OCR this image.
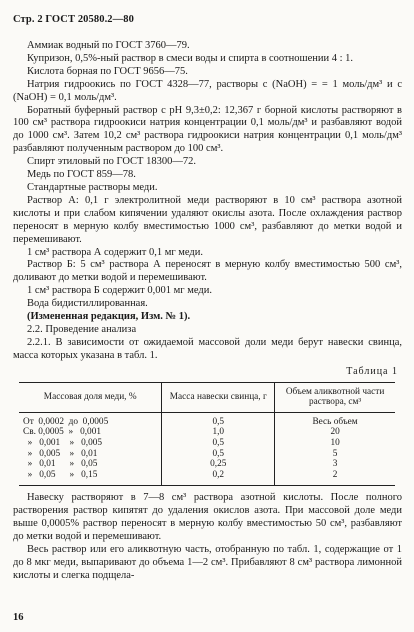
Стр. 2 ГОСТ 20580.2—80

Аммиак водный по ГОСТ 3760—79.

Купризон, 0,5%-ный раствор в смеси воды и спирта в соотношении 4 : 1.

Кислота борная по ГОСТ 9656—75.

Натрия гидроокись по ГОСТ 4328—77, растворы с (NaOH) = = 1 моль/дм³ и с (NaOH) = 0,1 моль/дм³.

Боратный буферный раствор с pH 9,3±0,2: 12,367 г борной кислоты растворяют в 100 см³ раствора гидроокиси натрия концентрации 0,1 моль/дм³ и разбавляют водой до 1000 см³. Затем 10,2 см³ раствора гидроокиси натрия концентрации 0,1 моль/дм³ разбавляют полученным раствором до 100 см³.

Спирт этиловый по ГОСТ 18300—72.

Медь по ГОСТ 859—78.

Стандартные растворы меди.

Раствор А: 0,1 г электролитной меди растворяют в 10 см³ раствора азотной кислоты и при слабом кипячении удаляют окислы азота. После охлаждения раствор переносят в мерную колбу вместимостью 1000 см³, разбавляют до метки водой и перемешивают.

1 см³ раствора А содержит 0,1 мг меди.

Раствор Б: 5 см³ раствора А переносят в мерную колбу вместимостью 500 см³, доливают до метки водой и перемешивают.

1 см³ раствора Б содержит 0,001 мг меди.

Вода бидистиллированная.

(Измененная редакция, Изм. № 1).

2.2. Проведение анализа

2.2.1. В зависимости от ожидаемой массовой доли меди берут навески свинца, масса которых указана в табл. 1.

Таблица 1
Массовая доля меди, %	Масса навески свинца, г	Объем аликвотной части раствора, см³
От  0,0002  до  0,0005	0,5	Весь объем
Св. 0,0005  »   0,001	1,0	20
»   0,001    »   0,005	0,5	10
»   0,005    »   0,01	0,5	5
»   0,01      »   0,05	0,25	3
»   0,05      »   0,15	0,2	2

Навеску растворяют в 7—8 см³ раствора азотной кислоты. После полного растворения раствор кипятят до удаления окислов азота. При массовой доле меди выше 0,0005% раствор переносят в мерную колбу вместимостью 50 см³, разбавляют до метки водой и перемешивают.

Весь раствор или его аликвотную часть, отобранную по табл. 1, содержащие от 1 до 8 мкг меди, выпаривают до объема 1—2 см³. Прибавляют 8 см³ раствора лимонной кислоты и слегка подщела-

16
